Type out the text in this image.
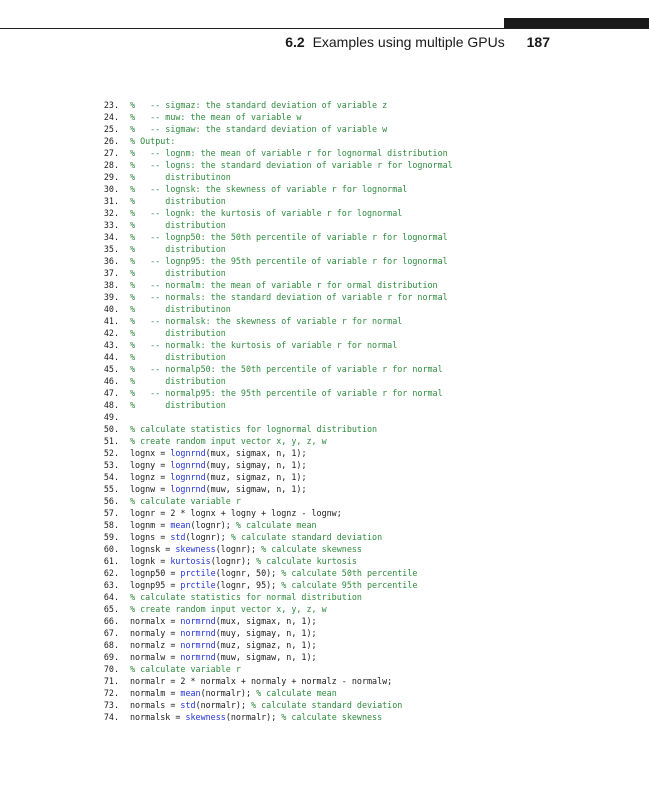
6.2 Examples using multiple GPUs 187
23. %   -- sigmaz: the standard deviation of variable z
24. %   -- muw: the mean of variable w
25. %   -- sigmaw: the standard deviation of variable w
26. % Output:
27. %   -- lognm: the mean of variable r for lognormal distribution
28. %   -- logns: the standard deviation of variable r for lognormal
29. %      distributinon
30. %   -- lognsk: the skewness of variable r for lognormal
31. %      distribution
32. %   -- lognk: the kurtosis of variable r for lognormal
33. %      distribution
34. %   -- lognp50: the 50th percentile of variable r for lognormal
35. %      distribution
36. %   -- lognp95: the 95th percentile of variable r for lognormal
37. %      distribution
38. %   -- normalm: the mean of variable r for ormal distribution
39. %   -- normals: the standard deviation of variable r for normal
40. %      distributinon
41. %   -- normalsk: the skewness of variable r for normal
42. %      distribution
43. %   -- normalk: the kurtosis of variable r for normal
44. %      distribution
45. %   -- normalp50: the 50th percentile of variable r for normal
46. %      distribution
47. %   -- normalp95: the 95th percentile of variable r for normal
48. %      distribution
49.
50. % calculate statistics for lognormal distribution
51. % create random input vector x, y, z, w
52. lognx = lognrnd(mux, sigmax, n, 1);
53. logny = lognrnd(muy, sigmay, n, 1);
54. lognz = lognrnd(muz, sigmaz, n, 1);
55. lognw = lognrnd(muw, sigmaw, n, 1);
56. % calculate variable r
57. lognr = 2 * lognx + logny + lognz - lognw;
58. lognm = mean(lognr); % calculate mean
59. logns = std(lognr); % calculate standard deviation
60. lognsk = skewness(lognr); % calculate skewness
61. lognk = kurtosis(lognr); % calculate kurtosis
62. lognp50 = prctile(lognr, 50); % calculate 50th percentile
63. lognp95 = prctile(lognr, 95); % calculate 95th percentile
64. % calculate statistics for normal distribution
65. % create random input vector x, y, z, w
66. normalx = normrnd(mux, sigmax, n, 1);
67. normaly = normrnd(muy, sigmay, n, 1);
68. normalz = normrnd(muz, sigmaz, n, 1);
69. normalw = normrnd(muw, sigmaw, n, 1);
70. % calculate variable r
71. normalr = 2 * normalx + normaly + normalz - normalw;
72. normalm = mean(normalr); % calculate mean
73. normals = std(normalr); % calculate standard deviation
74. normalsk = skewness(normalr); % calculate skewness
